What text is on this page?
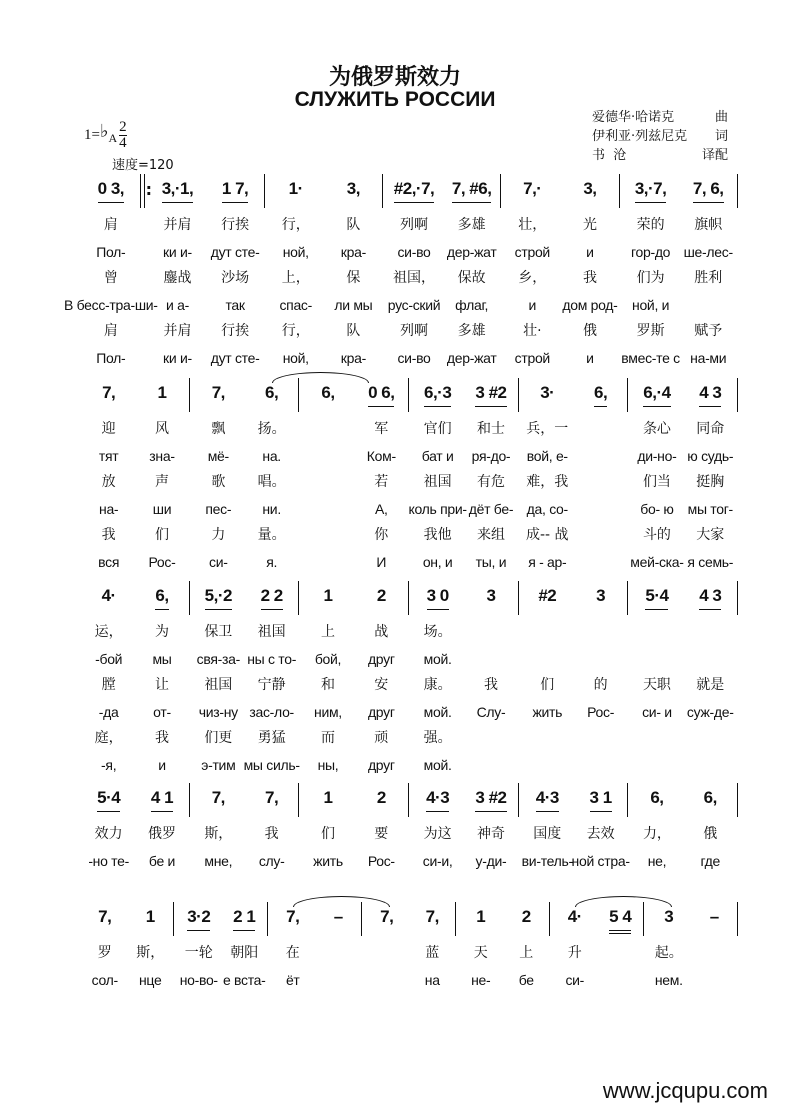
为俄罗斯效力
СЛУЖИТЬ РОССИИ
1= ♭ A $\frac{2}{4}$
速度=120
爱德华·哈诺克	曲
伊利亚·列兹尼克 词
书  沧	译配
0 3,
肩
Пол-
曾
В бесс-тра-ши-
肩
Пол-
:
3,·1,
并肩
ки и-
鏖战
и а-
并肩
ки и-
1 7,
行挨
дут сте-
沙场
так
行挨
дут сте-
1·
行，
ной,
上，
спас-
行，
ной,
3,
队
кра-
保
ли мы
队
кра-
#2,·7,
列啊
си-во
祖国，
рус-ский
列啊
си-во
7, #6,
多雄
дер-жат
保故
флаг,
多雄
дер-жат
7,·
壮，
строй
乡，
и
壮·
строй
3,
光
и
我
дом род-
俄
и
3,·7,
荣的
гор-до
们为
ной, и
罗斯
вмес-те с
7, 6,
旗帜
ше-лес-
胜利
赋予
на-ми
7,
迎
тят
放
на-
我
вся
1
风
зна-
声
ши
们
Рос-
7,
飘
мё-
歌
пес-
力
си-
6,
扬。
на.
唱。
ни.
量。
я.
6, 0 6,
军
Ком-
若
А,
你
И
6,·3
官们
бат и
祖国
коль при-
我他
он, и
3 #2
和士
ря-до-
有危
дёт бе-
来组
ты, и
3·
兵，一
вой, е-
难，我
да, со-
成-- 战
я - ар-
6, 6,·4
条心
ди-но-
们当
бо- ю
斗的
мей-ска-
4 3
同命
ю судь-
挺胸
мы тог-
大家
я семь-
4·
运，
-бой
膛
-да
庭，
-я,
6,
为
мы
让
от-
我
и
5,·2
保卫
свя-за-
祖国
чиз-ну
们更
э-тим
2 2
祖国
ны с то-
宁静
зас-ло-
勇猛
мы силь-
1
上
бой,
和
ним,
而
ны,
2
战
друг
安
друг
顽
друг
3 0
场。
мой.
康。
мой.
强。
мой.
3
我
Слу-
#2
们
жить
3
的
Рос-
5·4
天职
си- и
4 3
就是
суж-де-
5·4
效力
-но те-
4 1
俄罗
бе и
7,
斯，
мне,
7,
我
слу-
1
们
жить
2
要
Рос-
4·3
为这
си-и,
3 #2
神奇
у-ди-
4·3
国度
ви-тель-
3 1
去效
ной стра-
6,
力，
не,
6,
俄
где
7,
罗
сол-
1
斯，
нце
3·2
一轮
но-во-
2 1
朝阳
е вста-
7,
在
ёт
– 7, 7,
蓝
на
1
天
не-
2
上
бе
4·
升
си-
5 4 3
起。
нем.
–
www.jcqupu.com
